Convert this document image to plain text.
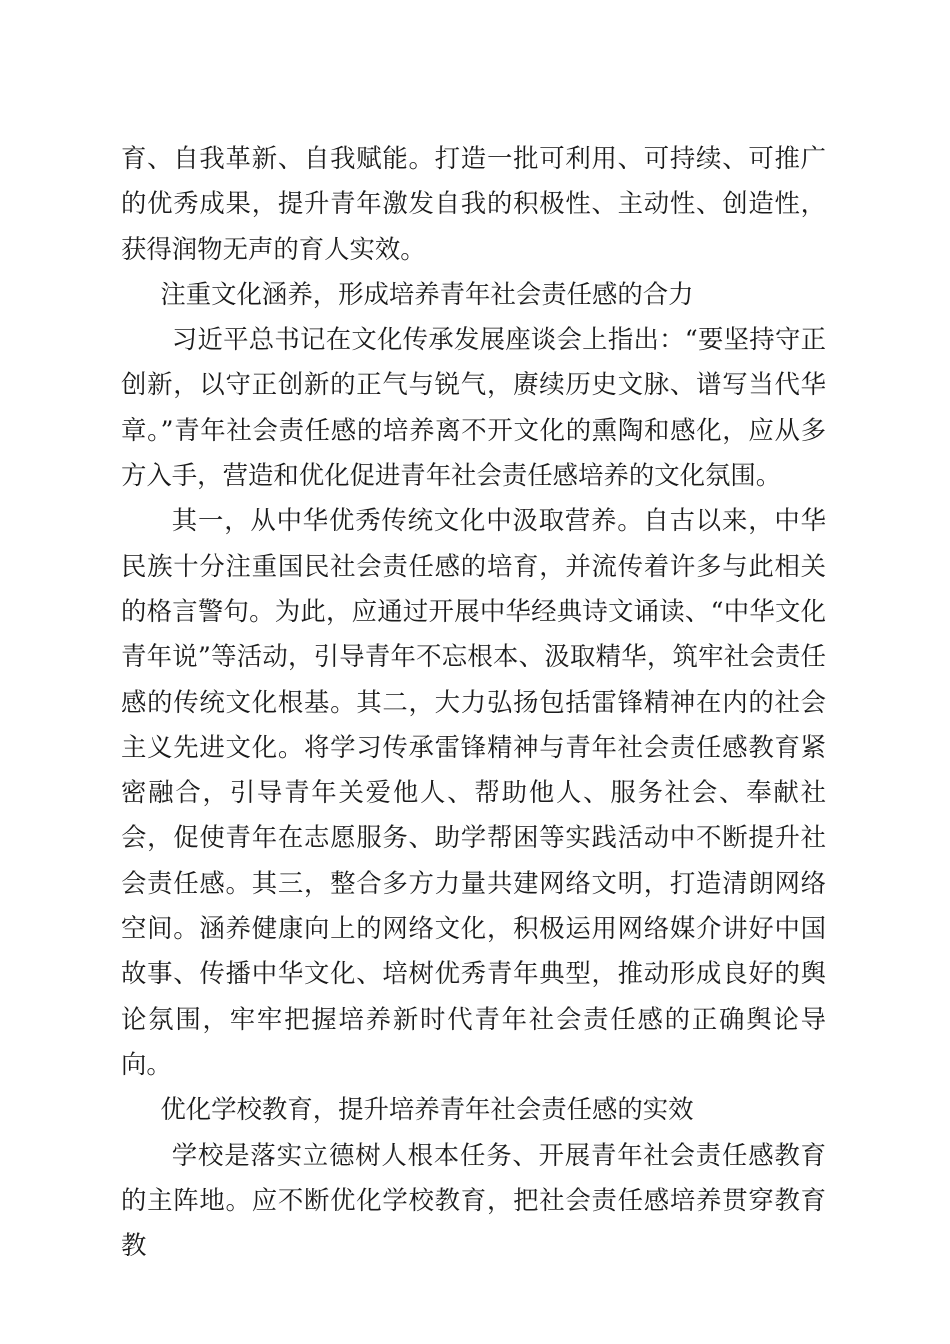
育、自我革新、自我赋能。打造一批可利用、可持续、可推广的优秀成果，提升青年激发自我的积极性、主动性、创造性，获得润物无声的育人实效。

注重文化涵养，形成培养青年社会责任感的合力

习近平总书记在文化传承发展座谈会上指出：“要坚持守正创新，以守正创新的正气与锐气，赓续历史文脉、谱写当代华章。”青年社会责任感的培养离不开文化的熏陶和感化，应从多方入手，营造和优化促进青年社会责任感培养的文化氛围。

其一，从中华优秀传统文化中汲取营养。自古以来，中华民族十分注重国民社会责任感的培育，并流传着许多与此相关的格言警句。为此，应通过开展中华经典诗文诵读、“中华文化青年说”等活动，引导青年不忘根本、汲取精华，筑牢社会责任感的传统文化根基。其二，大力弘扬包括雷锋精神在内的社会主义先进文化。将学习传承雷锋精神与青年社会责任感教育紧密融合，引导青年关爱他人、帮助他人、服务社会、奉献社会，促使青年在志愿服务、助学帮困等实践活动中不断提升社会责任感。其三，整合多方力量共建网络文明，打造清朗网络空间。涵养健康向上的网络文化，积极运用网络媒介讲好中国故事、传播中华文化、培树优秀青年典型，推动形成良好的舆论氛围，牢牢把握培养新时代青年社会责任感的正确舆论导向。

优化学校教育，提升培养青年社会责任感的实效

学校是落实立德树人根本任务、开展青年社会责任感教育的主阵地。应不断优化学校教育，把社会责任感培养贯穿教育教
